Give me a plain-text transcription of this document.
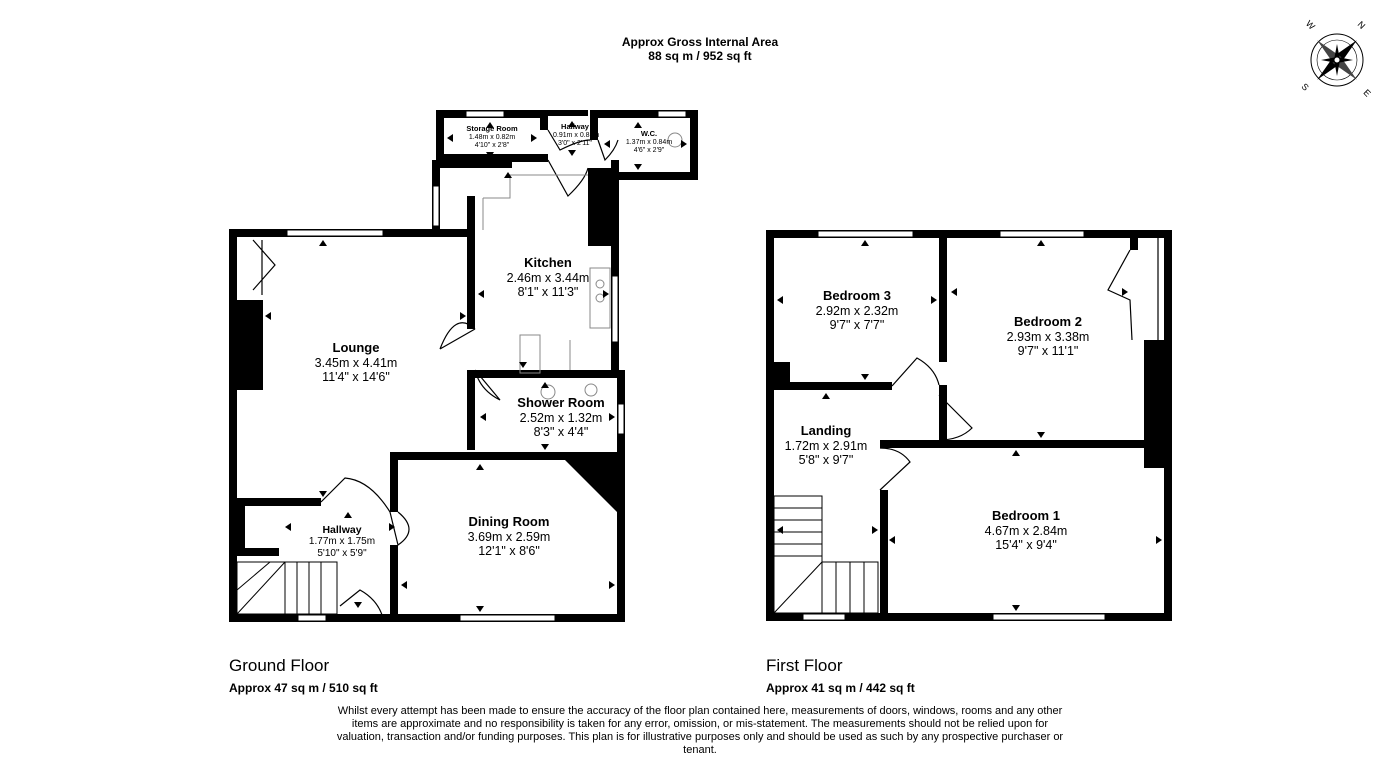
N
E
S
W
Approx Gross Internal Area
88 sq m / 952 sq ft
Storage Room
1.48m x 0.82m
4'10" x 2'8"
Hallway
0.91m x 0.88m
3'0" x 2'11"
W.C.
1.37m x 0.84m
4'6" x 2'9"
Kitchen
2.46m x 3.44m
8'1" x 11'3"
Lounge
3.45m x 4.41m
11'4" x 14'6"
Shower Room
2.52m x 1.32m
8'3" x 4'4"
Hallway
1.77m x 1.75m
5'10" x 5'9"
Dining Room
3.69m x 2.59m
12'1" x 8'6"
Bedroom 3
2.92m x 2.32m
9'7" x 7'7"	Bedroom 2
2.93m x 3.38m
9'7" x 11'1"
Landing
1.72m x 2.91m
5'8" x 9'7"
Bedroom 1
4.67m x 2.84m
15'4" x 9'4"
Ground Floor
Approx 47 sq m / 510 sq ft
First Floor
Approx 41 sq m / 442 sq ft
Whilst every attempt has been made to ensure the accuracy of the floor plan contained here, measurements of doors, windows, rooms and any other items are approximate and no responsibility is taken for any error, omission, or mis-statement. The measurements should not be relied upon for valuation, transaction and/or funding purposes. This plan is for illustrative purposes only and should be used as such by any prospective purchaser or tenant.
